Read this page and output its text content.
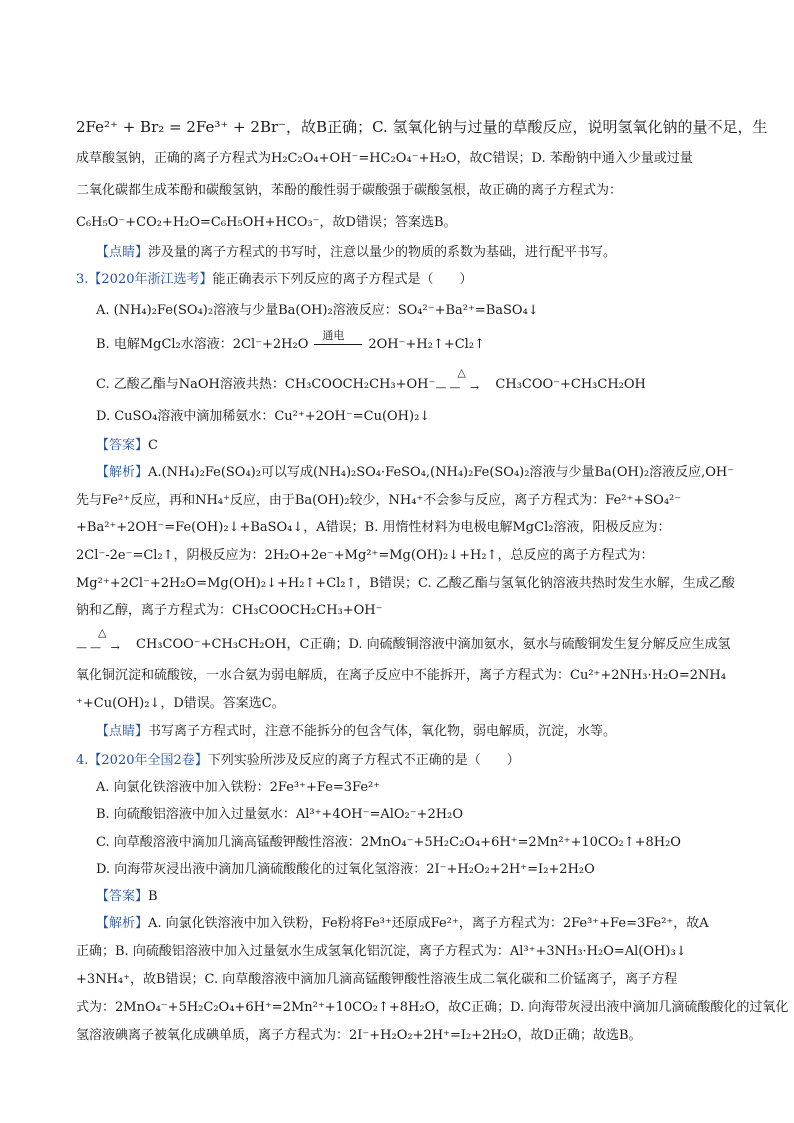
2Fe²⁺ + Br₂ = 2Fe³⁺ + 2Br⁻，故B正确；C. 氢氧化钠与过量的草酸反应，说明氢氧化钠的量不足，生
成草酸氢钠，正确的离子方程式为H₂C₂O₄+OH⁻=HC₂O₄⁻+H₂O，故C错误；D. 苯酚钠中通入少量或过量
二氧化碳都生成苯酚和碳酸氢钠，苯酚的酸性弱于碳酸强于碳酸氢根，故正确的离子方程式为：
C₆H₅O⁻+CO₂+H₂O=C₆H₅OH+HCO₃⁻，故D错误；答案选B。
【点睛】涉及量的离子方程式的书写时，注意以量少的物质的系数为基础，进行配平书写。
3.【2020年浙江选考】能正确表示下列反应的离子方程式是（　　）
A. (NH₄)₂Fe(SO₄)₂溶液与少量Ba(OH)₂溶液反应：SO₄²⁻+Ba²⁺=BaSO₄↓
B. 电解MgCl₂水溶液：2Cl⁻+2H₂O
通电
2OH⁻+H₂↑+Cl₂↑
C. 乙酸乙酯与NaOH溶液共热：CH₃COOCH₂CH₃+OH⁻
△
—— → CH₃COO⁻+CH₃CH₂OH
D. CuSO₄溶液中滴加稀氨水：Cu²⁺+2OH⁻=Cu(OH)₂↓
【答案】C
【解析】A.(NH₄)₂Fe(SO₄)₂可以写成(NH₄)₂SO₄·FeSO₄,(NH₄)₂Fe(SO₄)₂溶液与少量Ba(OH)₂溶液反应,OH⁻
先与Fe²⁺反应，再和NH₄⁺反应，由于Ba(OH)₂较少，NH₄⁺不会参与反应，离子方程式为：Fe²⁺+SO₄²⁻
+Ba²⁺+2OH⁻=Fe(OH)₂↓+BaSO₄↓，A错误；B. 用惰性材料为电极电解MgCl₂溶液，阳极反应为：
2Cl⁻-2e⁻=Cl₂↑，阴极反应为：2H₂O+2e⁻+Mg²⁺=Mg(OH)₂↓+H₂↑，总反应的离子方程式为：
Mg²⁺+2Cl⁻+2H₂O=Mg(OH)₂↓+H₂↑+Cl₂↑，B错误；C. 乙酸乙酯与氢氧化钠溶液共热时发生水解，生成乙酸
钠和乙醇，离子方程式为：CH₃COOCH₂CH₃+OH⁻
△
—— → CH₃COO⁻+CH₃CH₂OH，C正确；D. 向硫酸铜溶液中滴加氨水，氨水与硫酸铜发生复分解反应生成氢
氧化铜沉淀和硫酸铵，一水合氨为弱电解质，在离子反应中不能拆开，离子方程式为：Cu²⁺+2NH₃·H₂O=2NH₄
⁺+Cu(OH)₂↓，D错误。答案选C。
【点睛】书写离子方程式时，注意不能拆分的包含气体，氧化物，弱电解质，沉淀，水等。
4.【2020年全国2卷】下列实验所涉及反应的离子方程式不正确的是（　　）
A. 向氯化铁溶液中加入铁粉：2Fe³⁺+Fe=3Fe²⁺
B. 向硫酸铝溶液中加入过量氨水：Al³⁺+4OH⁻=AlO₂⁻+2H₂O
C. 向草酸溶液中滴加几滴高锰酸钾酸性溶液：2MnO₄⁻+5H₂C₂O₄+6H⁺=2Mn²⁺+10CO₂↑+8H₂O
D. 向海带灰浸出液中滴加几滴硫酸酸化的过氧化氢溶液：2I⁻+H₂O₂+2H⁺=I₂+2H₂O
【答案】B
【解析】A. 向氯化铁溶液中加入铁粉，Fe粉将Fe³⁺还原成Fe²⁺，离子方程式为：2Fe³⁺+Fe=3Fe²⁺，故A
正确；B. 向硫酸铝溶液中加入过量氨水生成氢氧化铝沉淀，离子方程式为：Al³⁺+3NH₃·H₂O=Al(OH)₃↓
+3NH₄⁺，故B错误；C. 向草酸溶液中滴加几滴高锰酸钾酸性溶液生成二氧化碳和二价锰离子，离子方程
式为：2MnO₄⁻+5H₂C₂O₄+6H⁺=2Mn²⁺+10CO₂↑+8H₂O，故C正确；D. 向海带灰浸出液中滴加几滴硫酸酸化的过氧化
氢溶液碘离子被氧化成碘单质，离子方程式为：2I⁻+H₂O₂+2H⁺=I₂+2H₂O，故D正确；故选B。
